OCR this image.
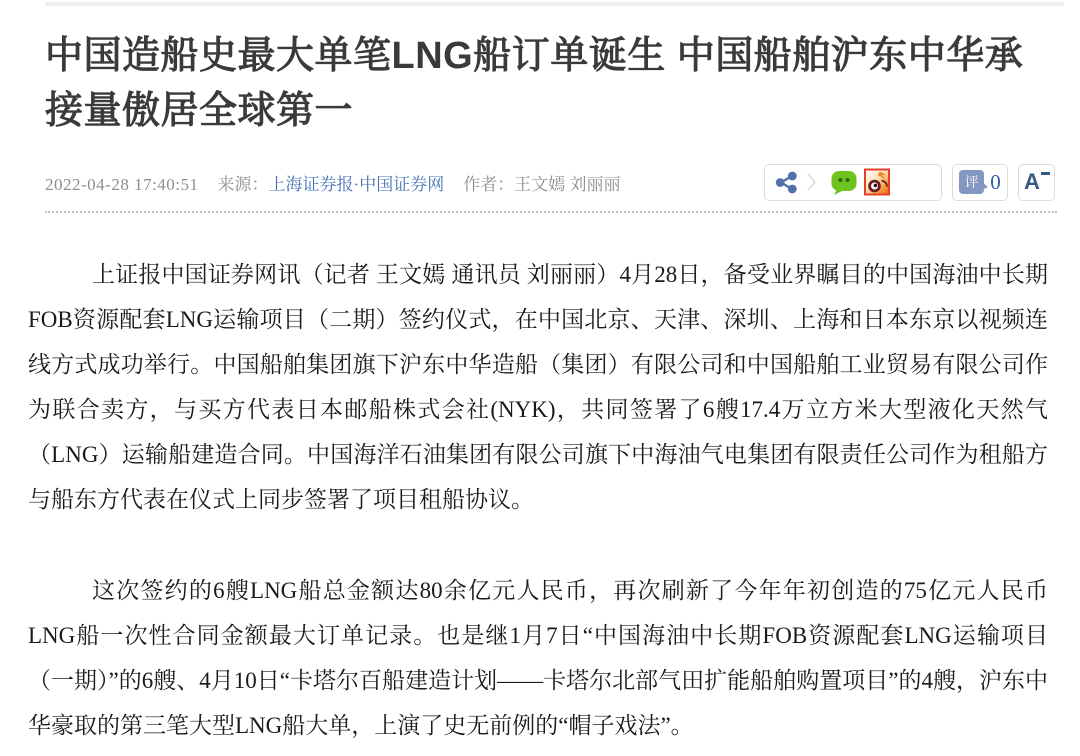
中国造船史最大单笔LNG船订单诞生 中国船舶沪东中华承接量傲居全球第一
2022-04-28 17:40:51 来源：上海证券报·中国证券网 作者：王文嫣 刘丽丽	评 0 A

上证报中国证券网讯（记者 王文嫣 通讯员 刘丽丽）4月28日，备受业界瞩目的中国海油中长期FOB资源配套LNG运输项目（二期）签约仪式，在中国北京、天津、深圳、上海和日本东京以视频连线方式成功举行。中国船舶集团旗下沪东中华造船（集团）有限公司和中国船舶工业贸易有限公司作为联合卖方，与买方代表日本邮船株式会社(NYK)，共同签署了6艘17.4万立方米大型液化天然气（LNG）运输船建造合同。中国海洋石油集团有限公司旗下中海油气电集团有限责任公司作为租船方与船东方代表在仪式上同步签署了项目租船协议。

这次签约的6艘LNG船总金额达80余亿元人民币，再次刷新了今年年初创造的75亿元人民币LNG船一次性合同金额最大订单记录。也是继1月7日“中国海油中长期FOB资源配套LNG运输项目（一期）”的6艘、4月10日“卡塔尔百船建造计划——卡塔尔北部气田扩能船舶购置项目”的4艘，沪东中华豪取的第三笔大型LNG船大单，上演了史无前例的“帽子戏法”。
